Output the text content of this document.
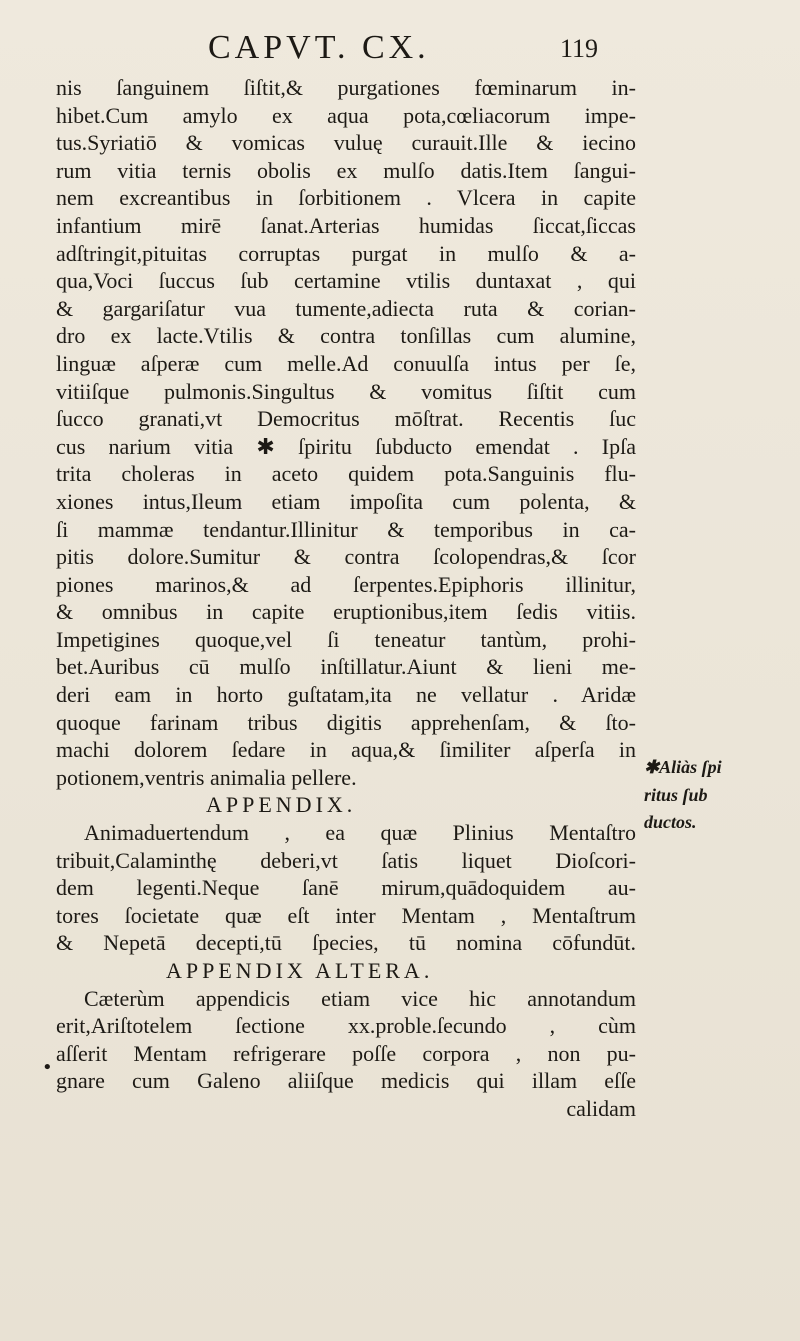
CAPVT. CX.	119
nis ſanguinem ſiſtit,& purgationes fœminarum in-
hibet.Cum amylo ex aqua pota,cœliacorum impe-
tus.Syriatiō & vomicas vuluę curauit.Ille & iecino
rum vitia ternis obolis ex mulſo datis.Item ſangui-
nem excreantibus in ſorbitionem . Vlcera in capite
infantium mirē ſanat.Arterias humidas ſiccat,ſiccas
adſtringit,pituitas corruptas purgat in mulſo & a-
qua,Voci ſuccus ſub certamine vtilis duntaxat , qui
& gargariſatur vua tumente,adiecta ruta & corian-
dro ex lacte.Vtilis & contra tonſillas cum alumine,
linguæ aſperæ cum melle.Ad conuulſa intus per ſe,
vitiiſque pulmonis.Singultus & vomitus ſiſtit cum
ſucco granati,vt Democritus mōſtrat. Recentis ſuc
cus narium vitia ✱ ſpiritu ſubducto emendat . Ipſa
trita choleras in aceto quidem pota.Sanguinis flu-
xiones intus,Ileum etiam impoſita cum polenta, &
ſi mammæ tendantur.Illinitur & temporibus in ca-
pitis dolore.Sumitur & contra ſcolopendras,& ſcor
piones marinos,& ad ſerpentes.Epiphoris illinitur,
& omnibus in capite eruptionibus,item ſedis vitiis.
Impetigines quoque,vel ſi teneatur tantùm, prohi-
bet.Auribus cū mulſo inſtillatur.Aiunt & lieni me-
deri eam in horto guſtatam,ita ne vellatur . Aridæ
quoque farinam tribus digitis apprehenſam, & ſto-
machi dolorem ſedare in aqua,& ſimiliter aſperſa in
potionem,ventris animalia pellere.
APPENDIX.
Animaduertendum , ea quæ Plinius Mentaſtro
tribuit,Calaminthę deberi,vt ſatis liquet Dioſcori-
dem legenti.Neque ſanē mirum,quādoquidem au-
tores ſocietate quæ eſt inter Mentam , Mentaſtrum
& Nepetā decepti,tū ſpecies, tū nomina cōfundūt.
APPENDIX ALTERA.
Cæterùm appendicis etiam vice hic annotandum
erit,Ariſtotelem ſectione xx.proble.ſecundo , cùm
aſſerit Mentam refrigerare poſſe corpora , non pu-
gnare cum Galeno aliiſque medicis qui illam eſſe
calidam
✱Aliàs ſpi
ritus ſub
ductos.
•
